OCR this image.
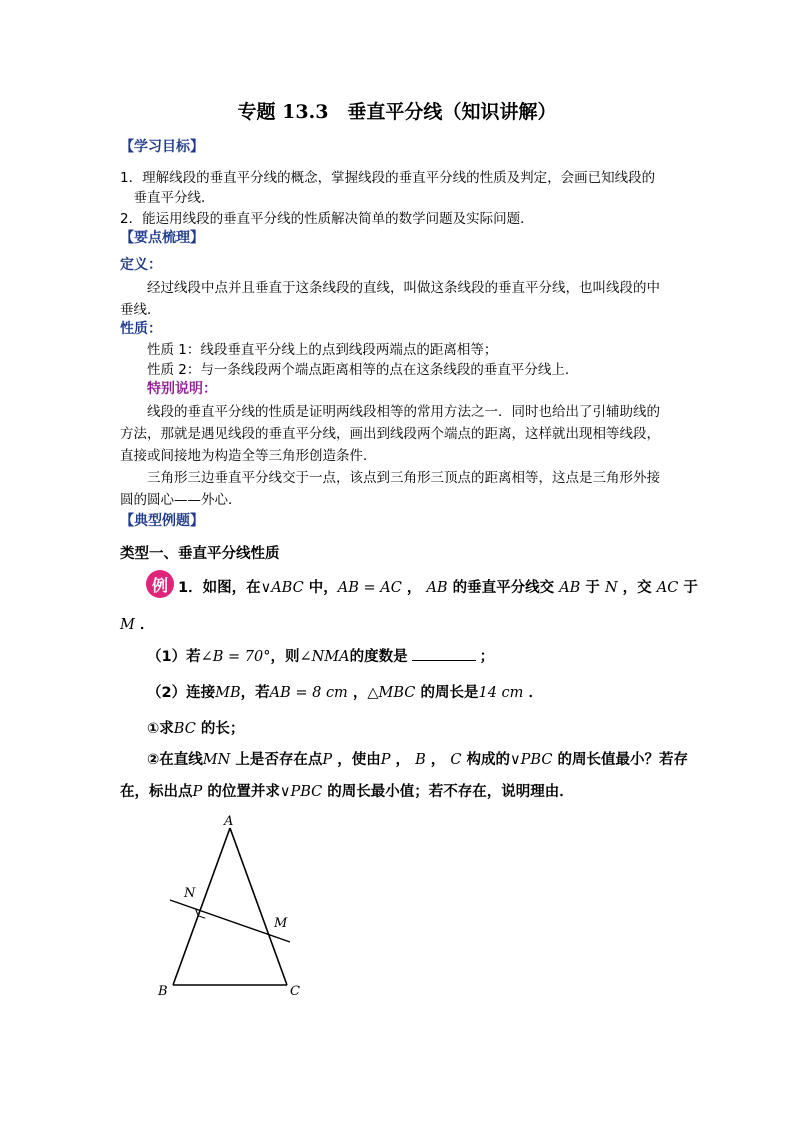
专题 13.3　垂直平分线（知识讲解）
【学习目标】
1．理解线段的垂直平分线的概念，掌握线段的垂直平分线的性质及判定，会画已知线段的
　垂直平分线．
2．能运用线段的垂直平分线的性质解决简单的数学问题及实际问题．
【要点梳理】
定义：
经过线段中点并且垂直于这条线段的直线，叫做这条线段的垂直平分线，也叫线段的中
垂线．
性质：
性质 1：线段垂直平分线上的点到线段两端点的距离相等；
性质 2：与一条线段两个端点距离相等的点在这条线段的垂直平分线上．
特别说明：
线段的垂直平分线的性质是证明两线段相等的常用方法之一．同时也给出了引辅助线的
方法，那就是遇见线段的垂直平分线，画出到线段两个端点的距离，这样就出现相等线段，
直接或间接地为构造全等三角形创造条件．
三角形三边垂直平分线交于一点，该点到三角形三顶点的距离相等，这点是三角形外接
圆的圆心——外心．
【典型例题】
类型一、垂直平分线性质
例 1．如图，在∨ABC 中，AB = AC ， AB 的垂直平分线交 AB 于 N ，交 AC 于
M ．
（1）若∠B = 70°，则∠NMA的度数是	；
（2）连接MB，若AB = 8 cm ，△MBC 的周长是14 cm ．
①求BC 的长；
②在直线MN 上是否存在点P ，使由P ， B ， C 构成的∨PBC 的周长值最小？若存
在，标出点P 的位置并求∨PBC 的周长最小值；若不存在，说明理由．
A
B	C
N
M
